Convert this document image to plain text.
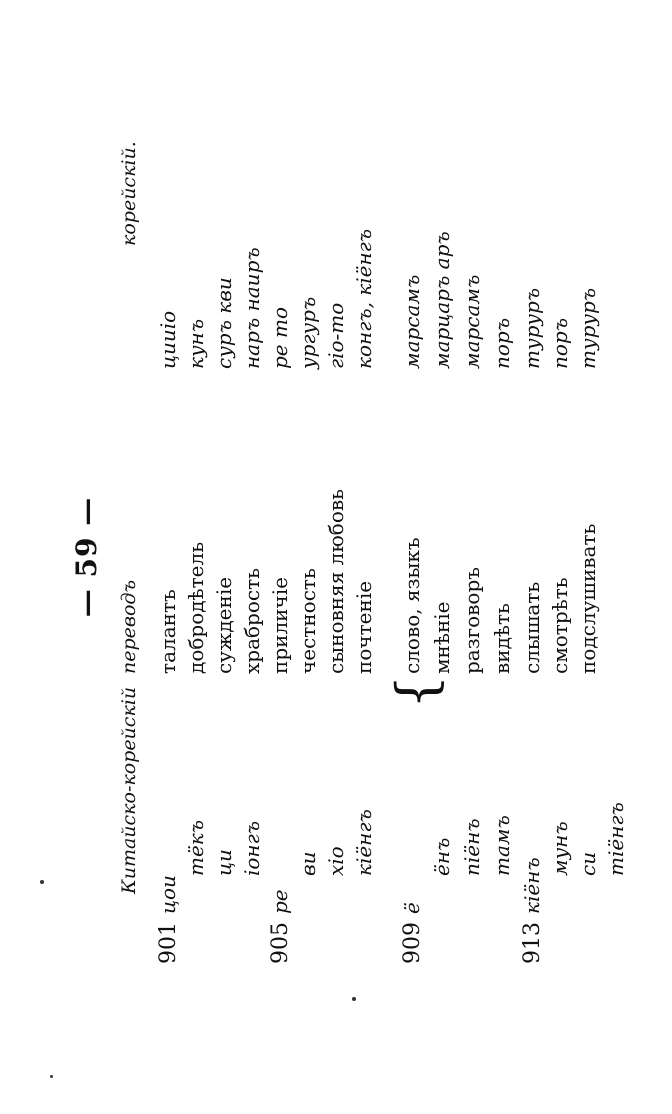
— 59 —
Китайско-корейскій
переводъ
корейскій.
{
901
цои
талантъ
цииіо
тёкъ
добродѣтель
кунъ
ци
сужденіе
суръ кви
іонгъ
храбрость
наръ наиръ
905
ре
приличіе
ре то
ви
честность
ургуръ
хіо
сыновняя любовь
гіо-то
кіёнгъ
почтеніе
конгъ, кіёнгъ
909
ё
слово, языкъ
марсамъ
ёнъ
мнѣніе
марцаръ аръ
піёнъ
разговоръ
марсамъ
тамъ
видѣть
поръ
913
кіёнъ
слышать
туруръ
мунъ
смотрѣть
поръ
си
подслушивать
туруръ
тіёнгъ
